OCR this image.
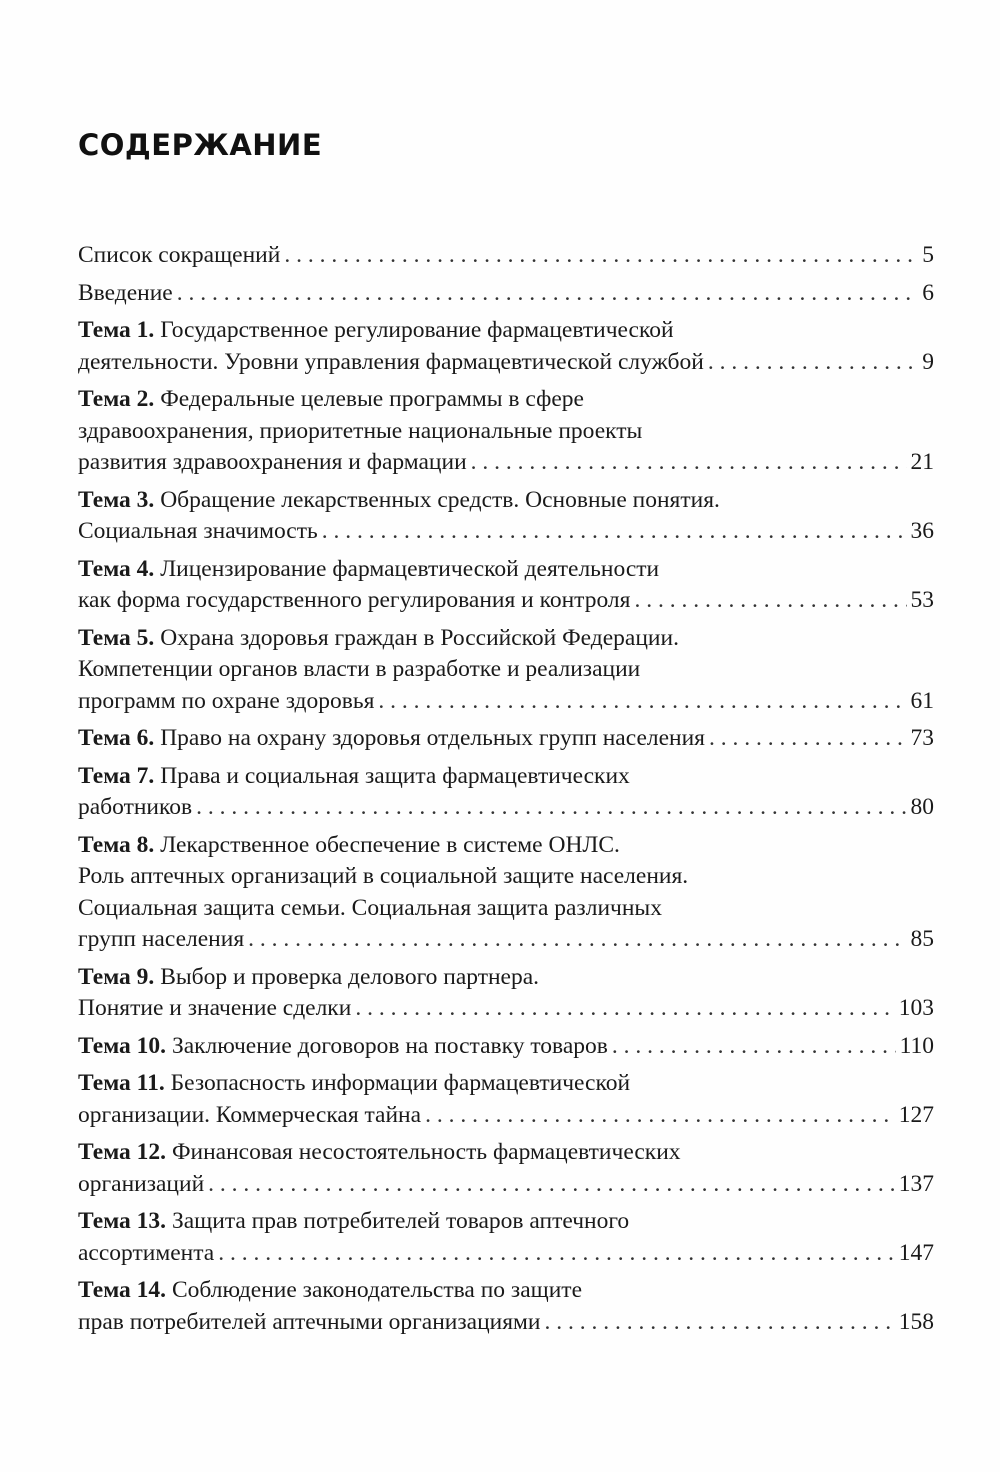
СОДЕРЖАНИЕ
Список сокращений . . .	5
Введение . . .	6
Тема 1. Государственное регулирование фармацевтической
деятельности. Уровни управления фармацевтической службой . . .	9
Тема 2. Федеральные целевые программы в сфере
здравоохранения, приоритетные национальные проекты
развития здравоохранения и фармации . . .	21
Тема 3. Обращение лекарственных средств. Основные понятия.
Социальная значимость . . .	36
Тема 4. Лицензирование фармацевтической деятельности
как форма государственного регулирования и контроля . . .	53
Тема 5. Охрана здоровья граждан в Российской Федерации.
Компетенции органов власти в разработке и реализации
программ по охране здоровья . . .	61
Тема 6. Право на охрану здоровья отдельных групп населения . . .	73
Тема 7. Права и социальная защита фармацевтических
работников . . .	80
Тема 8. Лекарственное обеспечение в системе ОНЛС.
Роль аптечных организаций в социальной защите населения.
Социальная защита семьи. Социальная защита различных
групп населения . . .	85
Тема 9. Выбор и проверка делового партнера.
Понятие и значение сделки . . .	103
Тема 10. Заключение договоров на поставку товаров . . .	110
Тема 11. Безопасность информации фармацевтической
организации. Коммерческая тайна . . .	127
Тема 12. Финансовая несостоятельность фармацевтических
организаций . . .	137
Тема 13. Защита прав потребителей товаров аптечного
ассортимента . . .	147
Тема 14. Соблюдение законодательства по защите
прав потребителей аптечными организациями . . .	158
